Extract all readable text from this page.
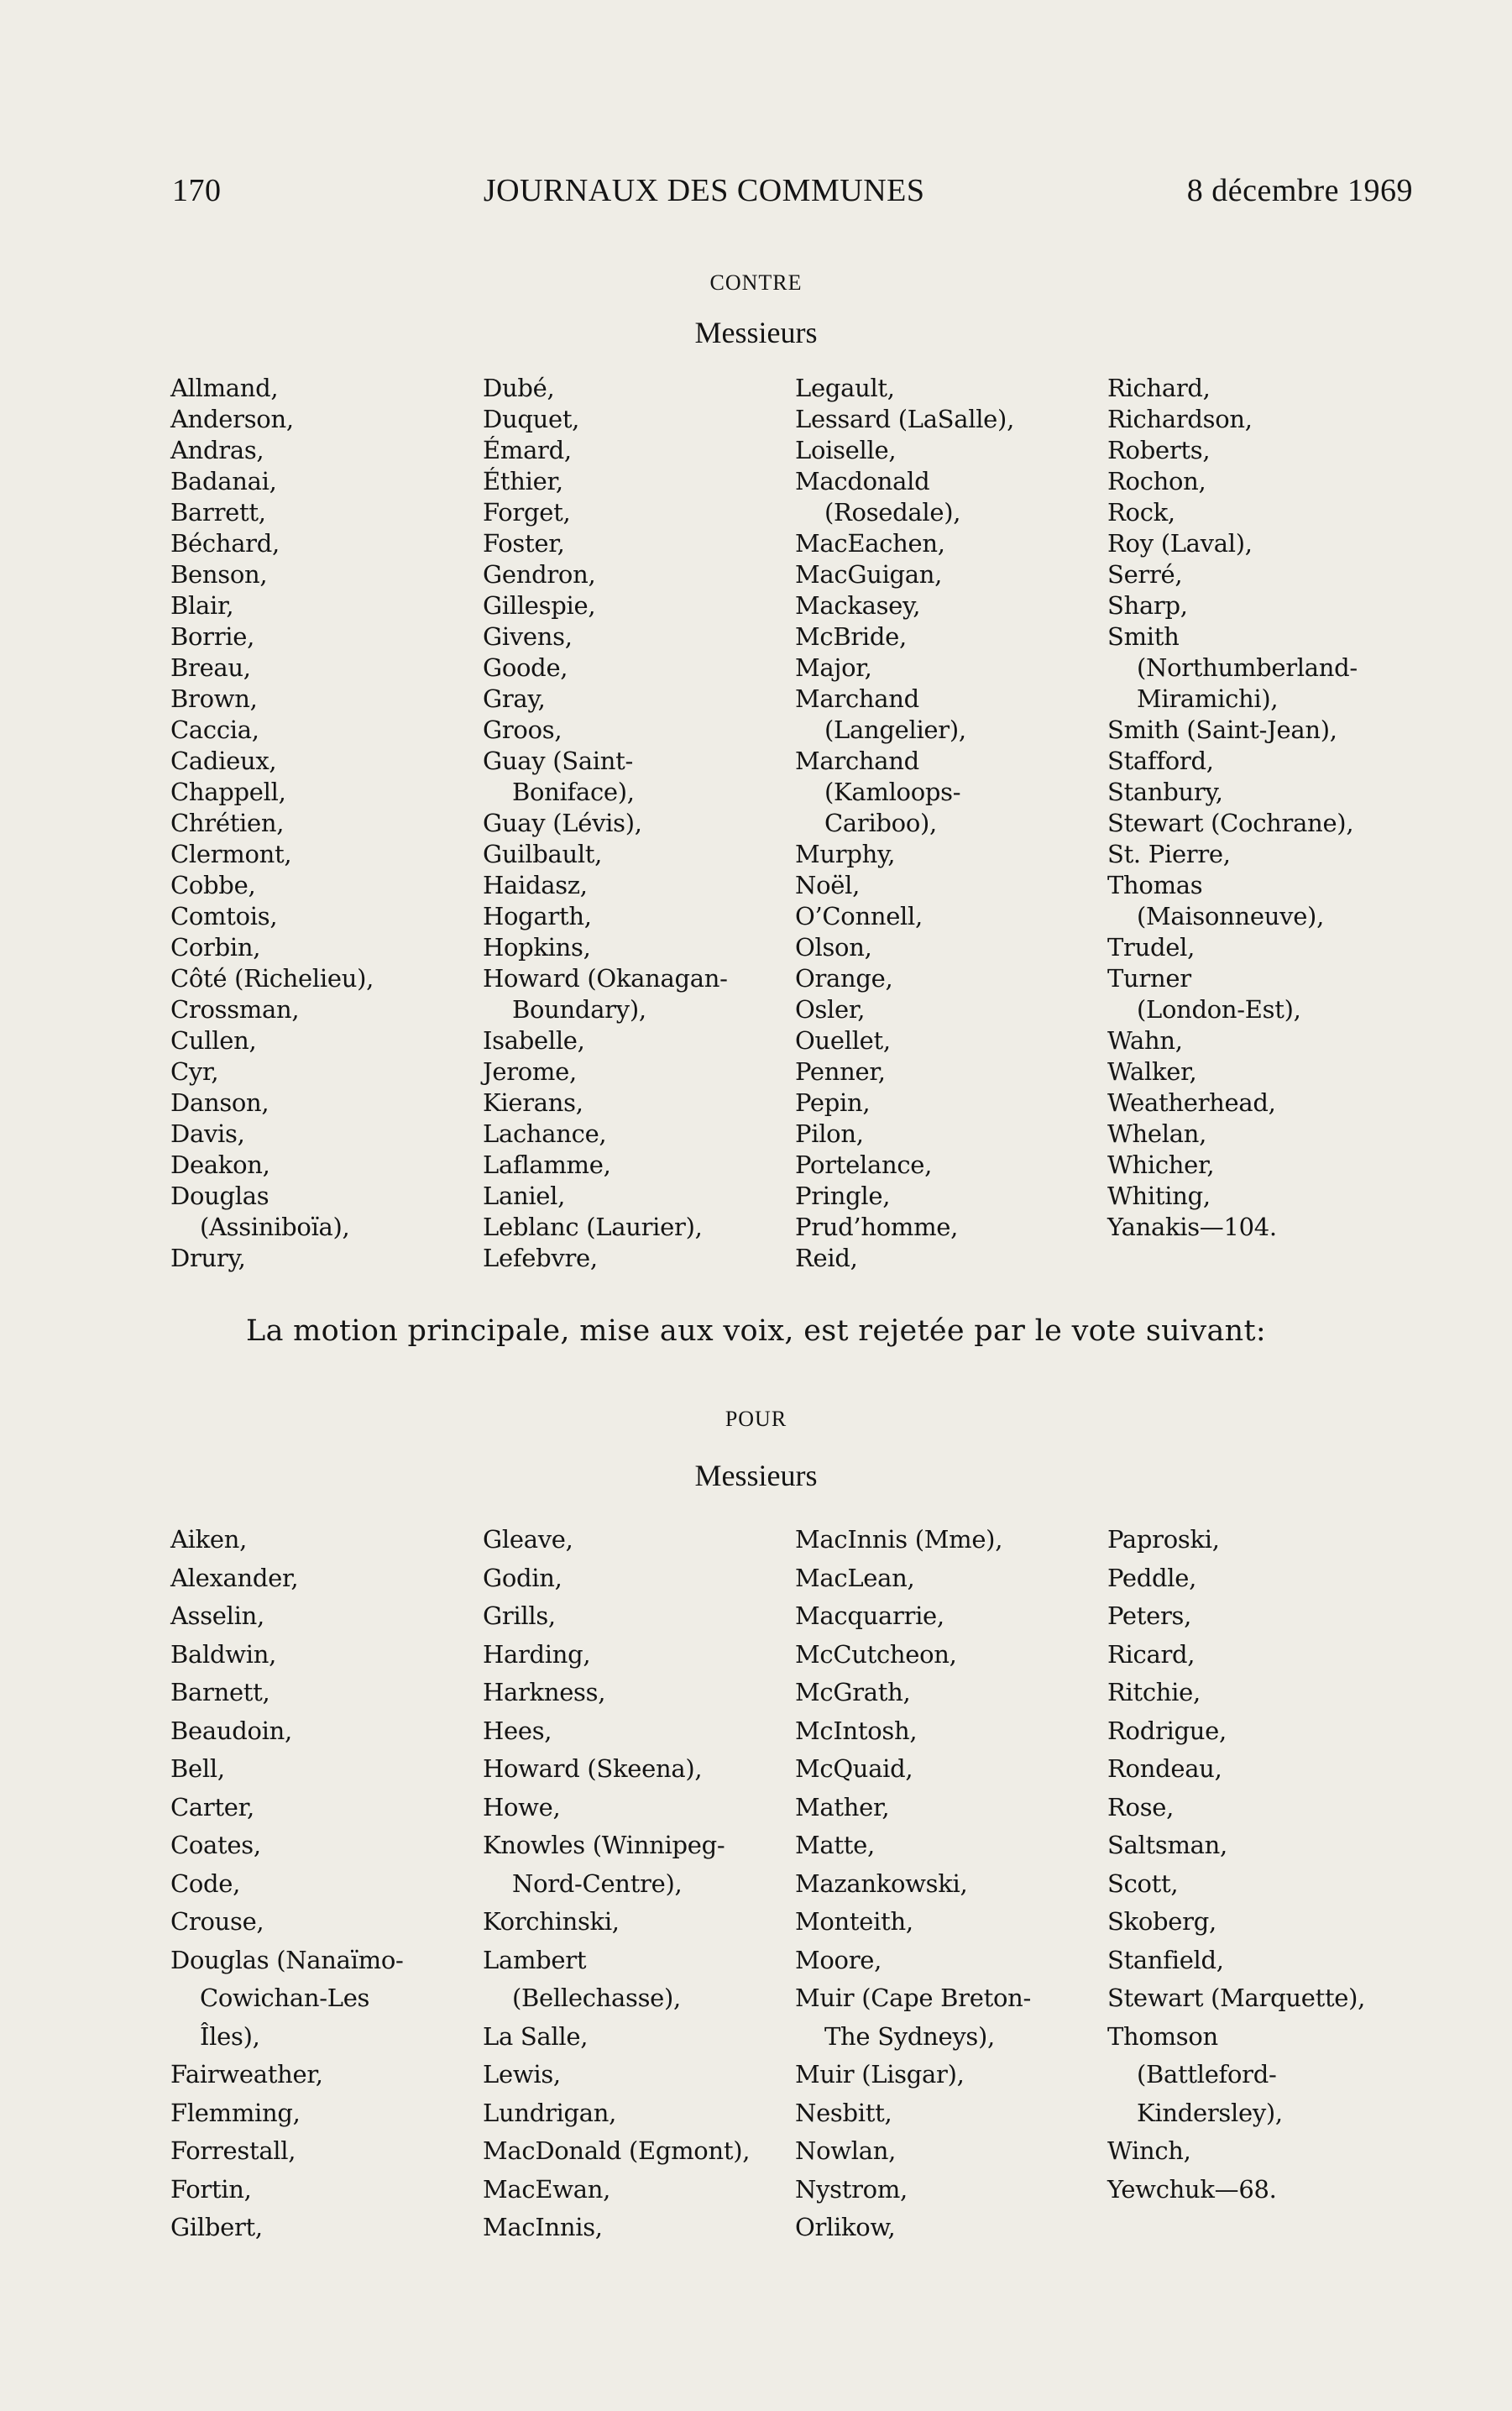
170	JOURNAUX DES COMMUNES	8 décembre 1969
CONTRE
Messieurs
Allmand,
Anderson,
Andras,
Badanai,
Barrett,
Béchard,
Benson,
Blair,
Borrie,
Breau,
Brown,
Caccia,
Cadieux,
Chappell,
Chrétien,
Clermont,
Cobbe,
Comtois,
Corbin,
Côté (Richelieu),
Crossman,
Cullen,
Cyr,
Danson,
Davis,
Deakon,
Douglas
(Assiniboïa),
Drury,
Dubé,
Duquet,
Émard,
Éthier,
Forget,
Foster,
Gendron,
Gillespie,
Givens,
Goode,
Gray,
Groos,
Guay (Saint-
Boniface),
Guay (Lévis),
Guilbault,
Haidasz,
Hogarth,
Hopkins,
Howard (Okanagan-
Boundary),
Isabelle,
Jerome,
Kierans,
Lachance,
Laflamme,
Laniel,
Leblanc (Laurier),
Lefebvre,
Legault,
Lessard (LaSalle),
Loiselle,
Macdonald
(Rosedale),
MacEachen,
MacGuigan,
Mackasey,
McBride,
Major,
Marchand
(Langelier),
Marchand
(Kamloops-
Cariboo),
Murphy,
Noël,
O’Connell,
Olson,
Orange,
Osler,
Ouellet,
Penner,
Pepin,
Pilon,
Portelance,
Pringle,
Prud’homme,
Reid,
Richard,
Richardson,
Roberts,
Rochon,
Rock,
Roy (Laval),
Serré,
Sharp,
Smith
(Northumberland-
Miramichi),
Smith (Saint-Jean),
Stafford,
Stanbury,
Stewart (Cochrane),
St. Pierre,
Thomas
(Maisonneuve),
Trudel,
Turner
(London-Est),
Wahn,
Walker,
Weatherhead,
Whelan,
Whicher,
Whiting,
Yanakis—104.
La motion principale, mise aux voix, est rejetée par le vote suivant:
POUR
Messieurs
Aiken,
Alexander,
Asselin,
Baldwin,
Barnett,
Beaudoin,
Bell,
Carter,
Coates,
Code,
Crouse,
Douglas (Nanaïmo-
Cowichan-Les
Îles),
Fairweather,
Flemming,
Forrestall,
Fortin,
Gilbert,
Gleave,
Godin,
Grills,
Harding,
Harkness,
Hees,
Howard (Skeena),
Howe,
Knowles (Winnipeg-
Nord-Centre),
Korchinski,
Lambert
(Bellechasse),
La Salle,
Lewis,
Lundrigan,
MacDonald (Egmont),
MacEwan,
MacInnis,
MacInnis (Mme),
MacLean,
Macquarrie,
McCutcheon,
McGrath,
McIntosh,
McQuaid,
Mather,
Matte,
Mazankowski,
Monteith,
Moore,
Muir (Cape Breton-
The Sydneys),
Muir (Lisgar),
Nesbitt,
Nowlan,
Nystrom,
Orlikow,
Paproski,
Peddle,
Peters,
Ricard,
Ritchie,
Rodrigue,
Rondeau,
Rose,
Saltsman,
Scott,
Skoberg,
Stanfield,
Stewart (Marquette),
Thomson
(Battleford-
Kindersley),
Winch,
Yewchuk—68.
